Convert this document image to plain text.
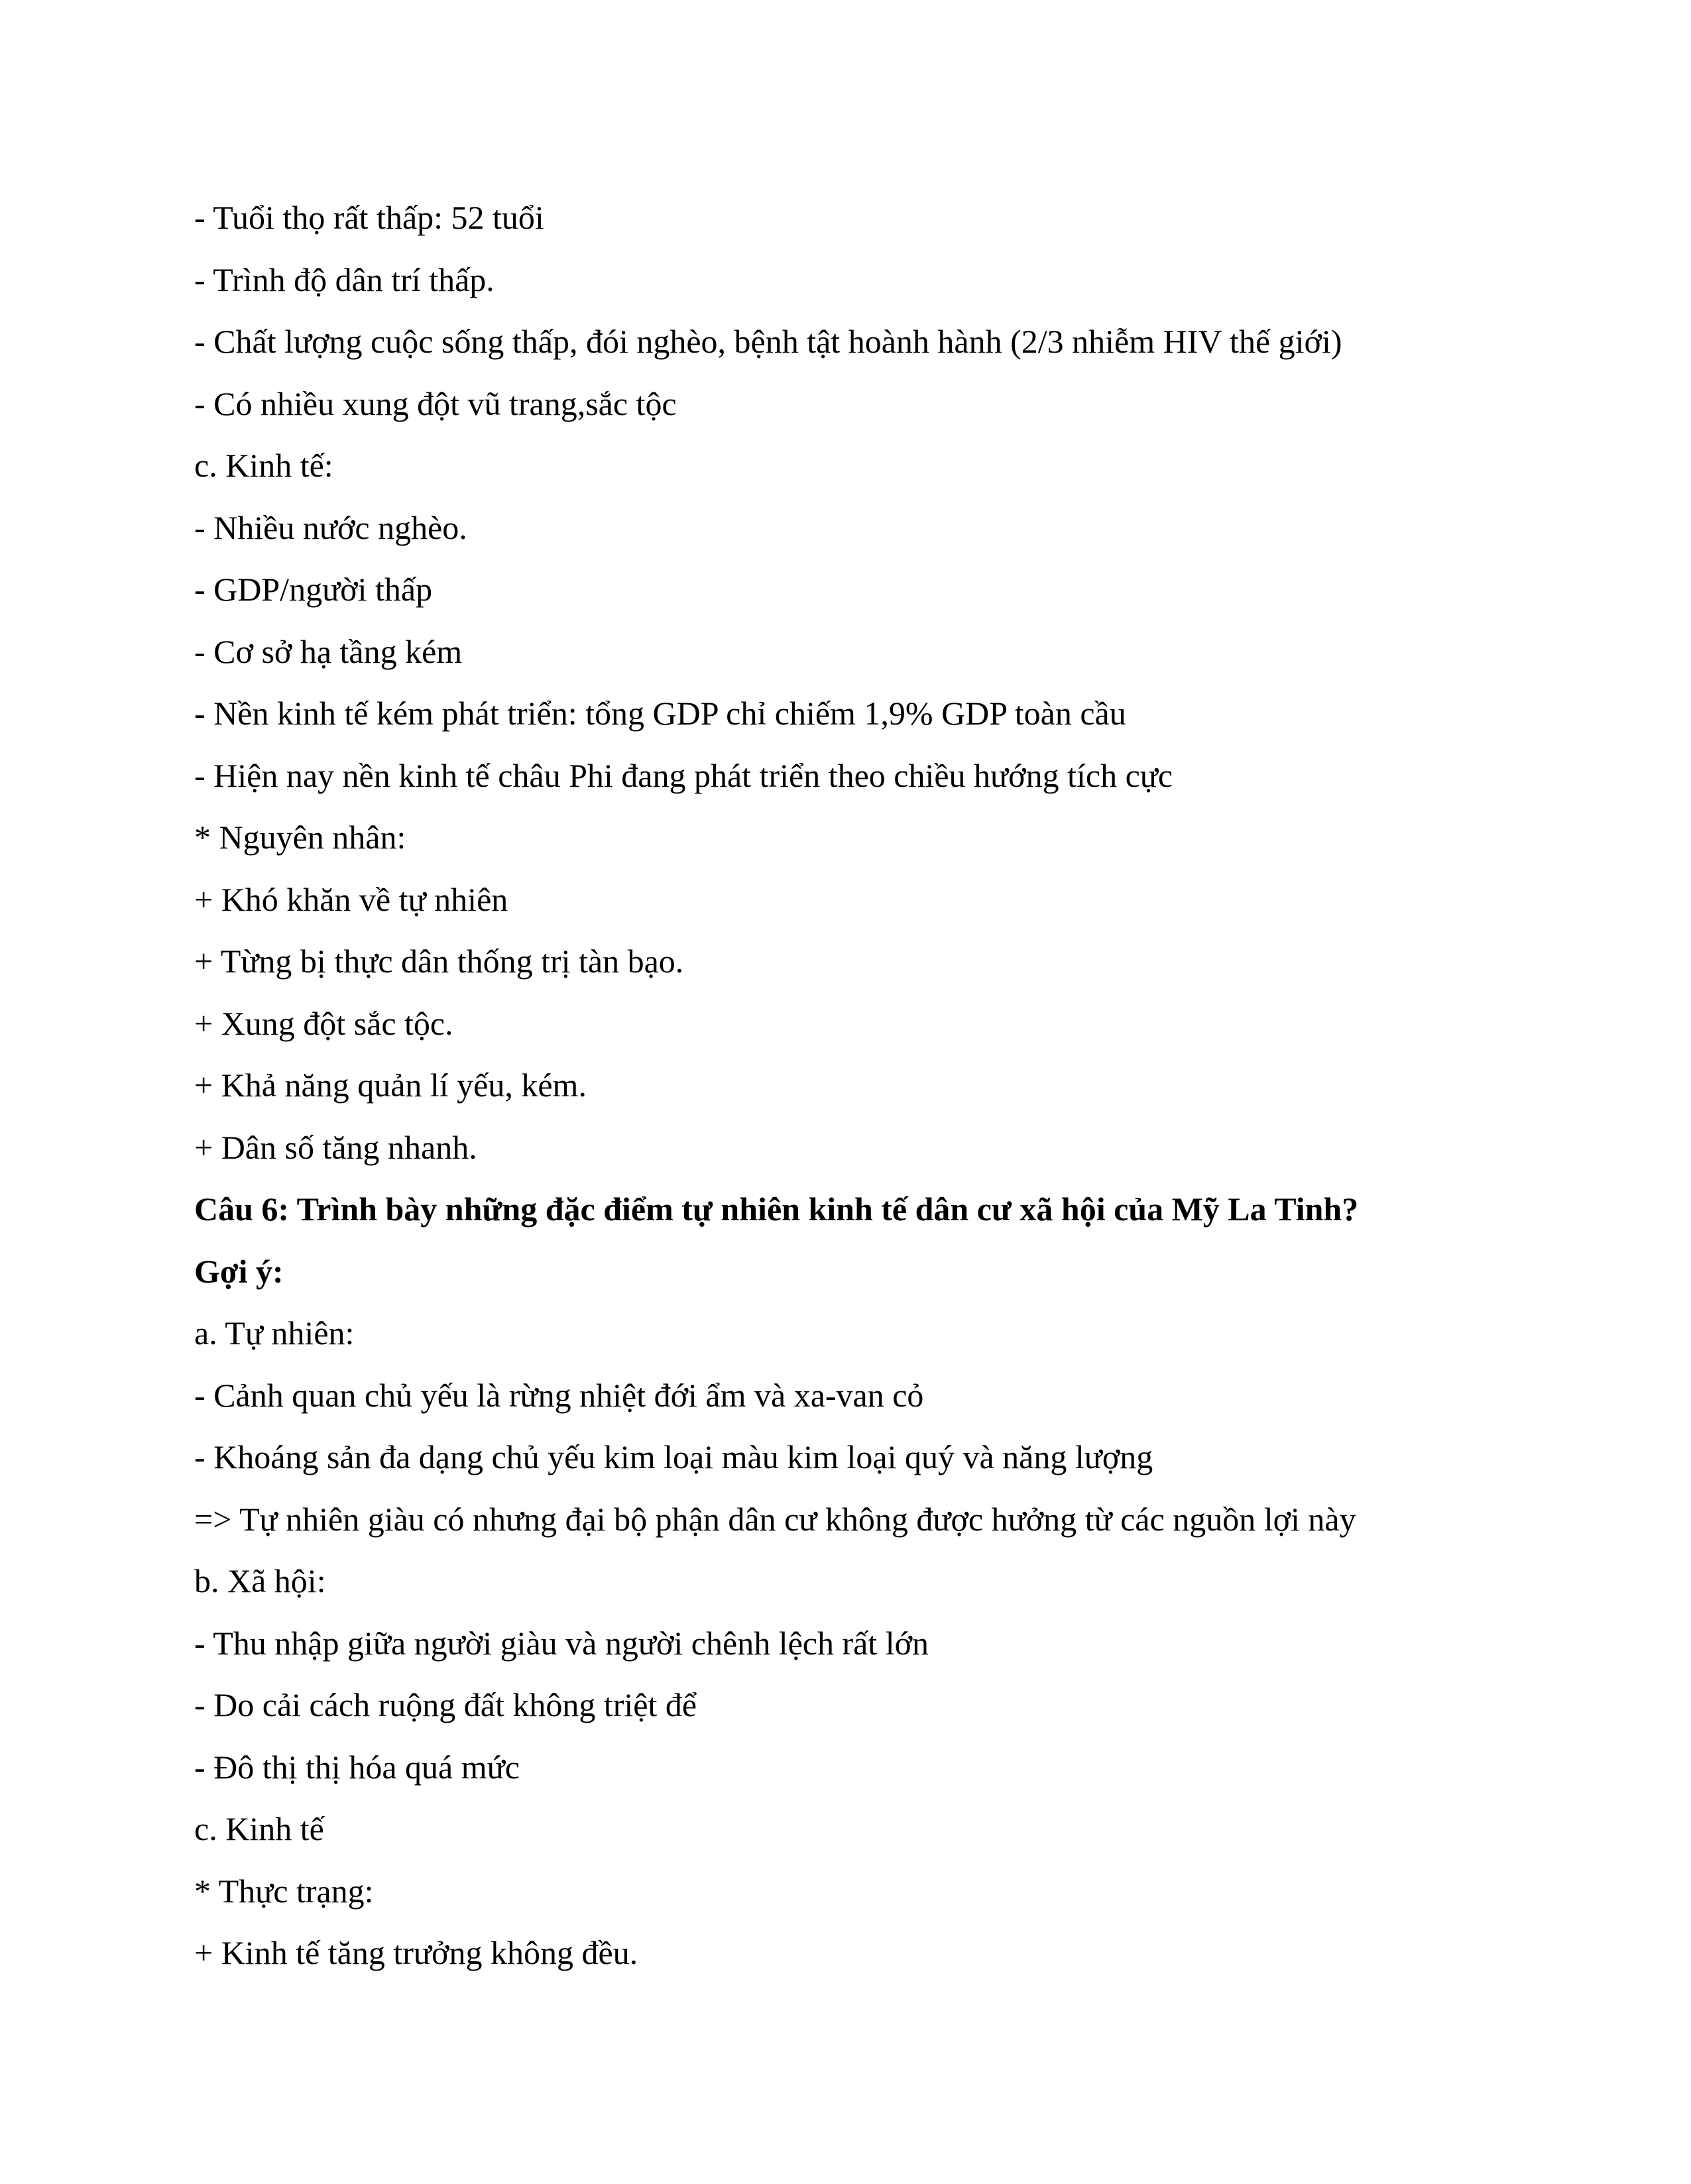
- Tuổi thọ rất thấp: 52 tuổi
- Trình độ dân trí thấp.
- Chất lượng cuộc sống thấp, đói nghèo, bệnh tật hoành hành (2/3 nhiễm HIV thế giới)
- Có nhiều xung đột vũ trang,sắc tộc
c. Kinh tế:
- Nhiều nước nghèo.
- GDP/người thấp
- Cơ sở hạ tầng kém
- Nền kinh tế kém phát triển: tổng GDP chỉ chiếm 1,9% GDP toàn cầu
- Hiện nay nền kinh tế châu Phi đang phát triển theo chiều hướng tích cực
* Nguyên nhân:
+ Khó khăn về tự nhiên
+ Từng bị thực dân thống trị tàn bạo.
+ Xung đột sắc tộc.
+ Khả năng quản lí yếu, kém.
+ Dân số tăng nhanh.
Câu 6: Trình bày những đặc điểm tự nhiên kinh tế dân cư xã hội của Mỹ La Tinh?
Gợi ý:
a. Tự nhiên:
- Cảnh quan chủ yếu là rừng nhiệt đới ẩm và xa-van cỏ
- Khoáng sản đa dạng chủ yếu kim loại màu kim loại quý và năng lượng
=> Tự nhiên giàu có nhưng đại bộ phận dân cư không được hưởng từ các nguồn lợi này
b. Xã hội:
- Thu nhập giữa người giàu và người chênh lệch rất lớn
- Do cải cách ruộng đất không triệt để
- Đô thị thị hóa quá mức
c. Kinh tế
* Thực trạng:
+ Kinh tế tăng trưởng không đều.
